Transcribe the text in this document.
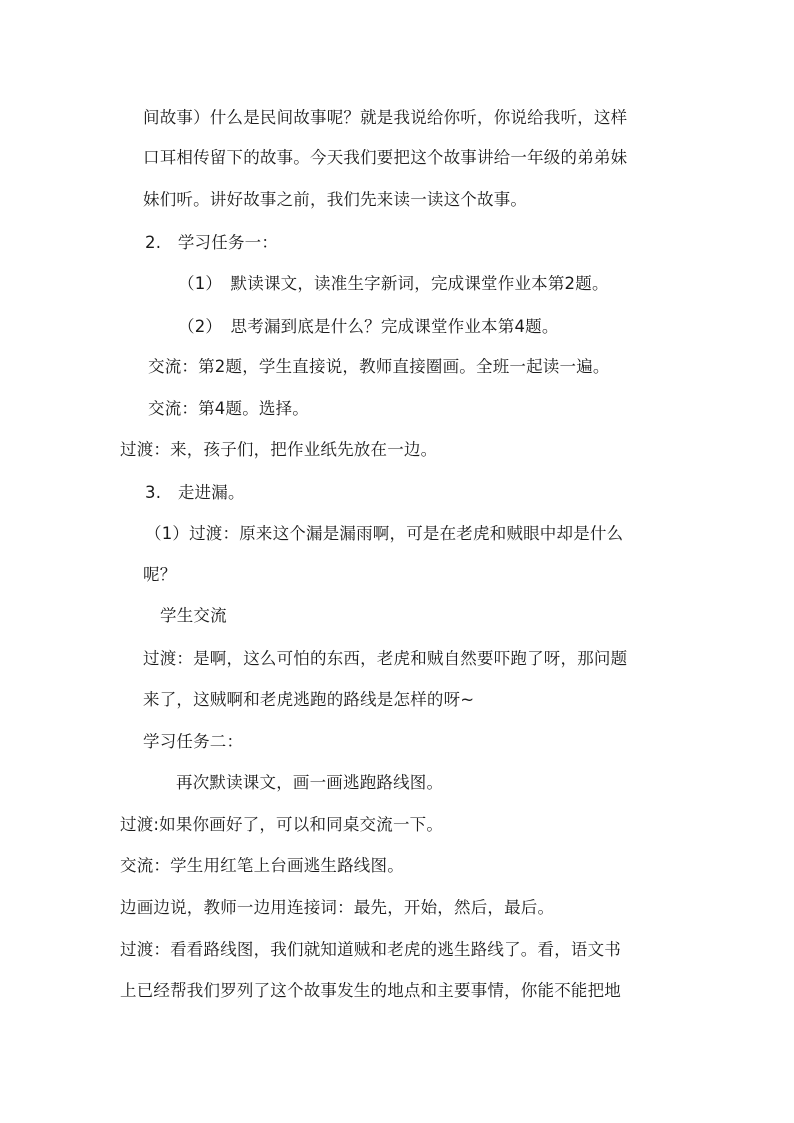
间故事）什么是民间故事呢？就是我说给你听，你说给我听，这样
口耳相传留下的故事。今天我们要把这个故事讲给一年级的弟弟妹
妹们听。讲好故事之前，我们先来读一读这个故事。
2.　学习任务一：
（1）　默读课文，读准生字新词，完成课堂作业本第2题。
（2）　思考漏到底是什么？完成课堂作业本第4题。
交流：第2题，学生直接说，教师直接圈画。全班一起读一遍。
交流：第4题。选择。
过渡：来，孩子们，把作业纸先放在一边。
3.　走进漏。
（1）过渡：原来这个漏是漏雨啊，可是在老虎和贼眼中却是什么
呢？
学生交流
过渡：是啊，这么可怕的东西，老虎和贼自然要吓跑了呀，那问题
来了，这贼啊和老虎逃跑的路线是怎样的呀~
学习任务二：
再次默读课文，画一画逃跑路线图。
过渡:如果你画好了，可以和同桌交流一下。
交流：学生用红笔上台画逃生路线图。
边画边说，教师一边用连接词：最先，开始，然后，最后。
过渡：看看路线图，我们就知道贼和老虎的逃生路线了。看，语文书
上已经帮我们罗列了这个故事发生的地点和主要事情，你能不能把地
